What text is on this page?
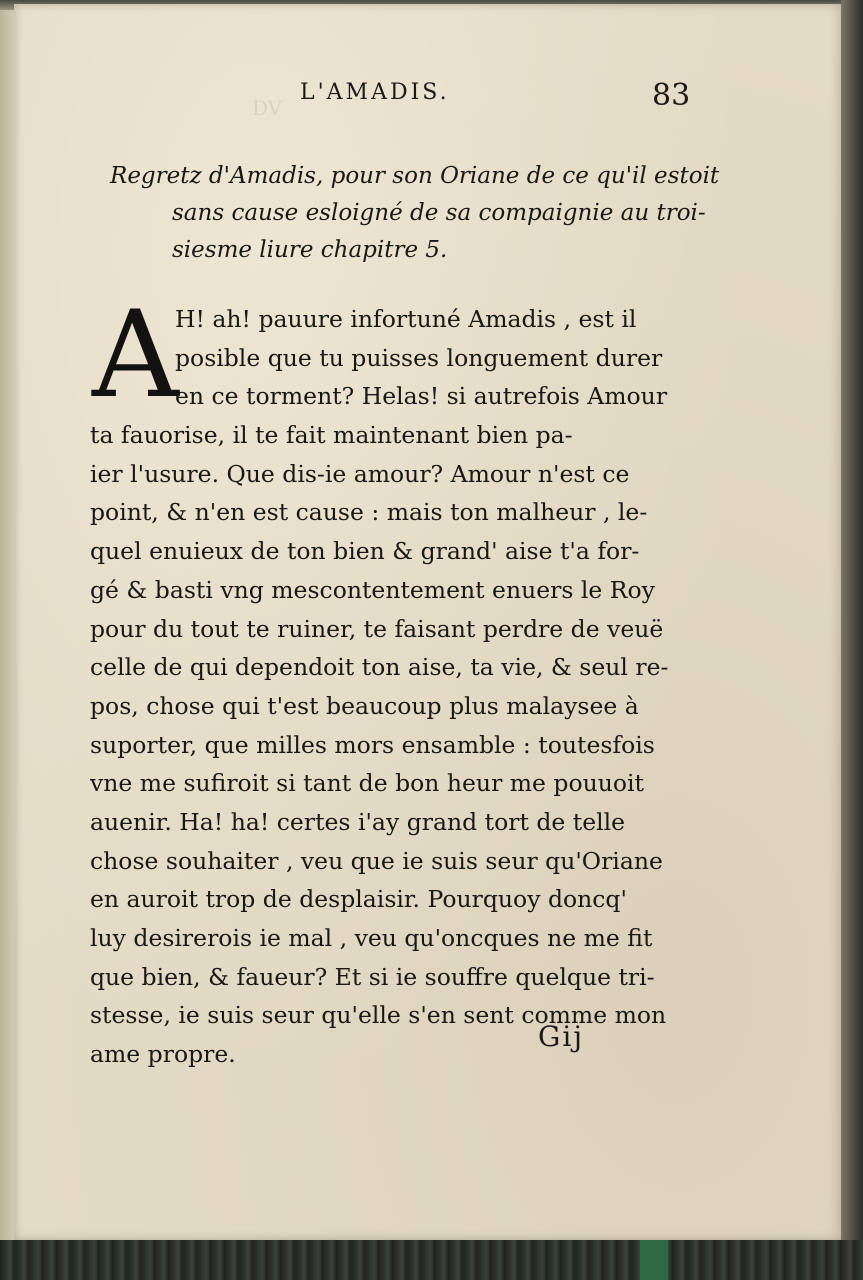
DV
L'AMADIS.	83
Regretz d'Amadis, pour son Oriane de ce qu'il estoit
sans cause esloigné de sa compaignie au troi-
siesme liure chapitre 5.
A
H! ah! pauure infortuné Amadis , est il
posible que tu puisses longuement durer
en ce torment? Helas! si autrefois Amour
ta fauorise, il te fait maintenant bien pa-
ier l'usure. Que dis-ie amour? Amour n'est ce
point, & n'en est cause : mais ton malheur , le-
quel enuieux de ton bien & grand' aise t'a for-
gé & basti vng mescontentement enuers le Roy
pour du tout te ruiner, te faisant perdre de veuë
celle de qui dependoit ton aise, ta vie, & seul re-
pos, chose qui t'est beaucoup plus malaysee à
suporter, que milles mors ensamble : toutesfois
vne me sufiroit si tant de bon heur me pouuoit
auenir. Ha! ha! certes i'ay grand tort de telle
chose souhaiter , veu que ie suis seur qu'Oriane
en auroit trop de desplaisir. Pourquoy doncq'
luy desirerois ie mal , veu qu'oncques ne me fit
que bien, & faueur? Et si ie souffre quelque tri-
stesse, ie suis seur qu'elle s'en sent comme mon
ame propre.
Gij
